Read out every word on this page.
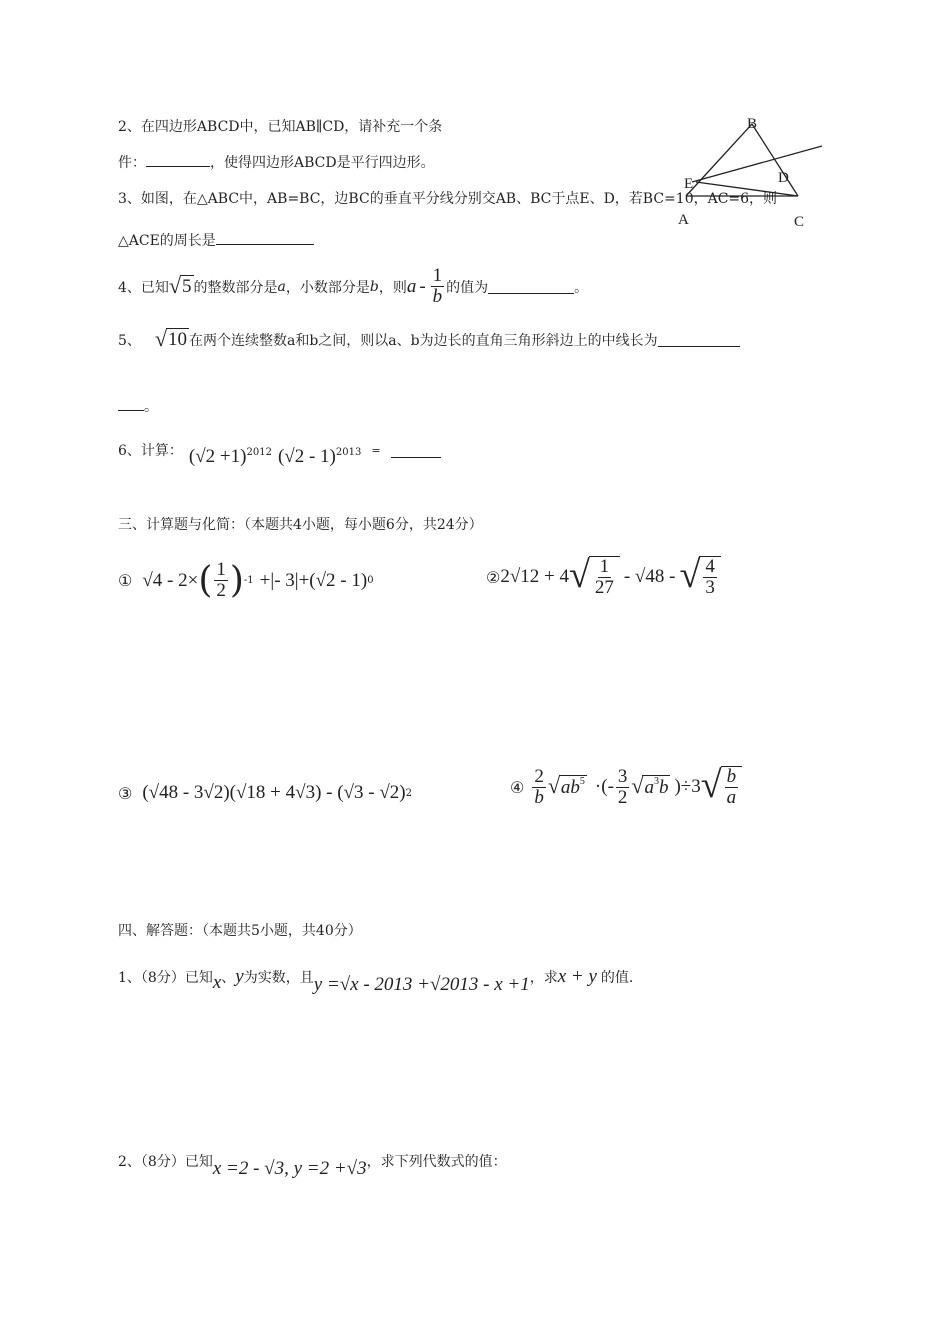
2、在四边形ABCD中，已知AB∥CD，请补充一个条
件：	，使得四边形ABCD是平行四边形。
B
D
E
A	C
3、如图，在△ABC中，AB=BC，边BC的垂直平分线分别交AB、BC于点E、D，若BC=10，AC=6，则
△ACE的周长是
4、已知 √ 5 的整数部分是 a ，小数部分是 b ，则 a - $\frac{1}{b}$ 的值为	。
5、 √ 10 在两个连续整数a和b之间，则以a、b为边长的直角三角形斜边上的中线长为
。
6、计算： (√2 +1) 2012 (√2 - 1) 2013 =
三、计算题与化简：（本题共4小题，每小题6分，共24分）
① √4 - 2× ( $\frac{1}{2}$ ) -1 +|- 3|+(√2 - 1) 0	② 2√12 + 4 √ $\frac{1}{27} - √48$ - √ $\frac{4}{3}$
③ (√48 - 3√2)(√18 + 4√3) - (√3 - √2) 2	④ $\frac{2}{b}$ √ $ab^5$ ·(- $\frac{3}{2}$ √ $a^3b$ )÷3 √ $\frac{b}{a}$
四、解答题：（本题共5小题，共40分）
1、（8分）已知 x 、 y 为实数，且 y =√x - 2013 +√2013 - x +1 ，求 x + y 的值.
2、（8分）已知 x =2 - √3, y =2 +√3 ，求下列代数式的值：
